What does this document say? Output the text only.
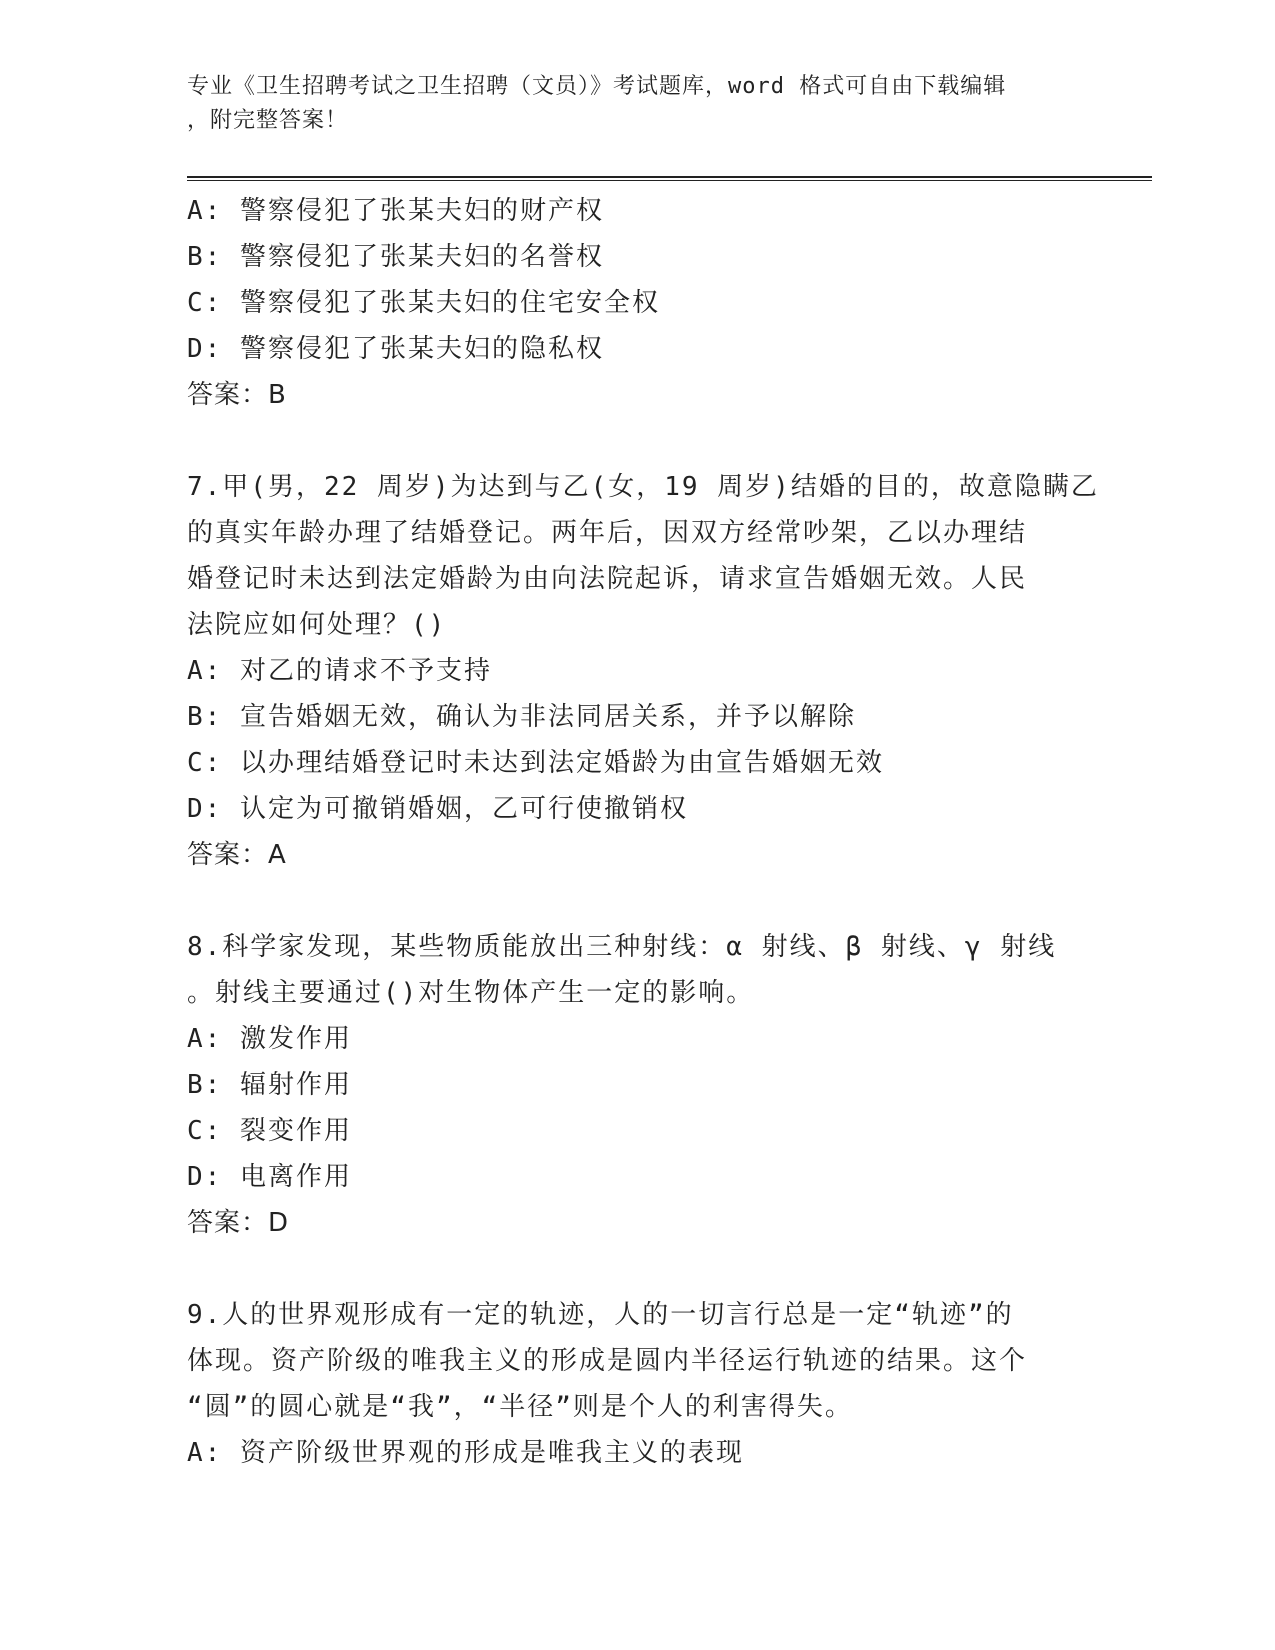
专业《卫生招聘考试之卫生招聘（文员）》考试题库，word 格式可自由下载编辑
，附完整答案！
A: 警察侵犯了张某夫妇的财产权
B: 警察侵犯了张某夫妇的名誉权
C: 警察侵犯了张某夫妇的住宅安全权
D: 警察侵犯了张某夫妇的隐私权
答案：B
7.甲(男，22 周岁)为达到与乙(女，19 周岁)结婚的目的，故意隐瞒乙
的真实年龄办理了结婚登记。两年后，因双方经常吵架，乙以办理结
婚登记时未达到法定婚龄为由向法院起诉，请求宣告婚姻无效。人民
法院应如何处理？()
A: 对乙的请求不予支持
B: 宣告婚姻无效，确认为非法同居关系，并予以解除
C: 以办理结婚登记时未达到法定婚龄为由宣告婚姻无效
D: 认定为可撤销婚姻，乙可行使撤销权
答案：A
8.科学家发现，某些物质能放出三种射线：α 射线、β 射线、γ 射线
。射线主要通过()对生物体产生一定的影响。
A: 激发作用
B: 辐射作用
C: 裂变作用
D: 电离作用
答案：D
9.人的世界观形成有一定的轨迹，人的一切言行总是一定“轨迹”的
体现。资产阶级的唯我主义的形成是圆内半径运行轨迹的结果。这个
“圆”的圆心就是“我”，“半径”则是个人的利害得失。
A: 资产阶级世界观的形成是唯我主义的表现
